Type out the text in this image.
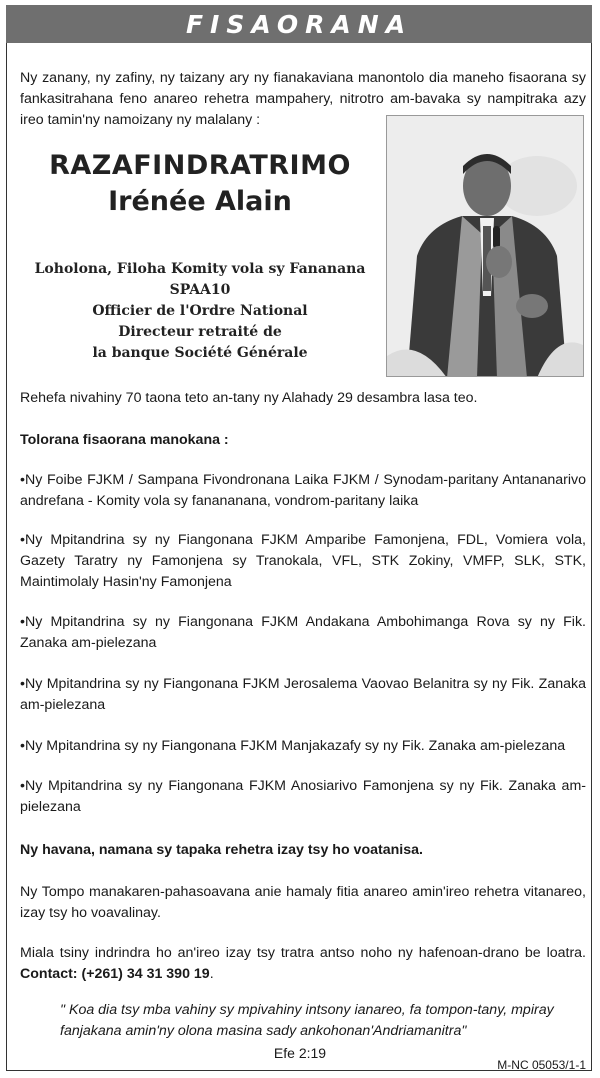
FISAORANA
Ny zanany, ny zafiny, ny taizany ary ny fianakaviana manontolo dia maneho fisaorana sy fankasitrahana feno anareo rehetra mampahery, nitrotro am-bavaka sy nampitraka azy ireo tamin'ny namoizany ny malalany :
RAZAFINDRATRIMO
Irénée Alain
Loholona, Filoha Komity vola sy Fananana
SPAA10
Officier de l'Ordre National
Directeur retraité de
la banque Société Générale
Rehefa nivahiny 70 taona teto an-tany ny Alahady 29 desambra lasa teo.
Tolorana fisaorana manokana :
• Ny Foibe FJKM / Sampana Fivondronana Laika FJKM / Synodam-paritany Antananarivo andrefana - Komity vola sy fanananana, vondrom-paritany laika
• Ny Mpitandrina sy ny Fiangonana FJKM Amparibe Famonjena, FDL, Vomiera vola, Gazety Taratry ny Famonjena sy Tranokala, VFL, STK Zokiny, VMFP, SLK, STK, Maintimolaly Hasin'ny Famonjena
• Ny Mpitandrina sy ny Fiangonana FJKM Andakana Ambohimanga Rova sy ny Fik. Zanaka am-pielezana
• Ny Mpitandrina sy ny Fiangonana FJKM Jerosalema Vaovao Belanitra sy ny Fik. Zanaka am-pielezana
• Ny Mpitandrina sy ny Fiangonana FJKM Manjakazafy sy ny Fik. Zanaka am-pielezana
• Ny Mpitandrina sy ny Fiangonana FJKM Anosiarivo Famonjena sy ny Fik. Zanaka am-pielezana
Ny havana, namana sy tapaka rehetra izay tsy ho voatanisa.
Ny Tompo manakaren-pahasoavana anie hamaly fitia anareo amin'ireo rehetra vitanareo, izay tsy ho voavalinay.
Miala tsiny indrindra ho an'ireo izay tsy tratra antso noho ny hafenoan-drano be loatra. Contact: (+261) 34 31 390 19.
" Koa dia tsy mba vahiny sy mpivahiny intsony ianareo, fa tompon-tany, mpiray fanjakana amin'ny olona masina sady ankohonan'Andriamanitra"
Efe 2:19
M-NC 05053/1-1
